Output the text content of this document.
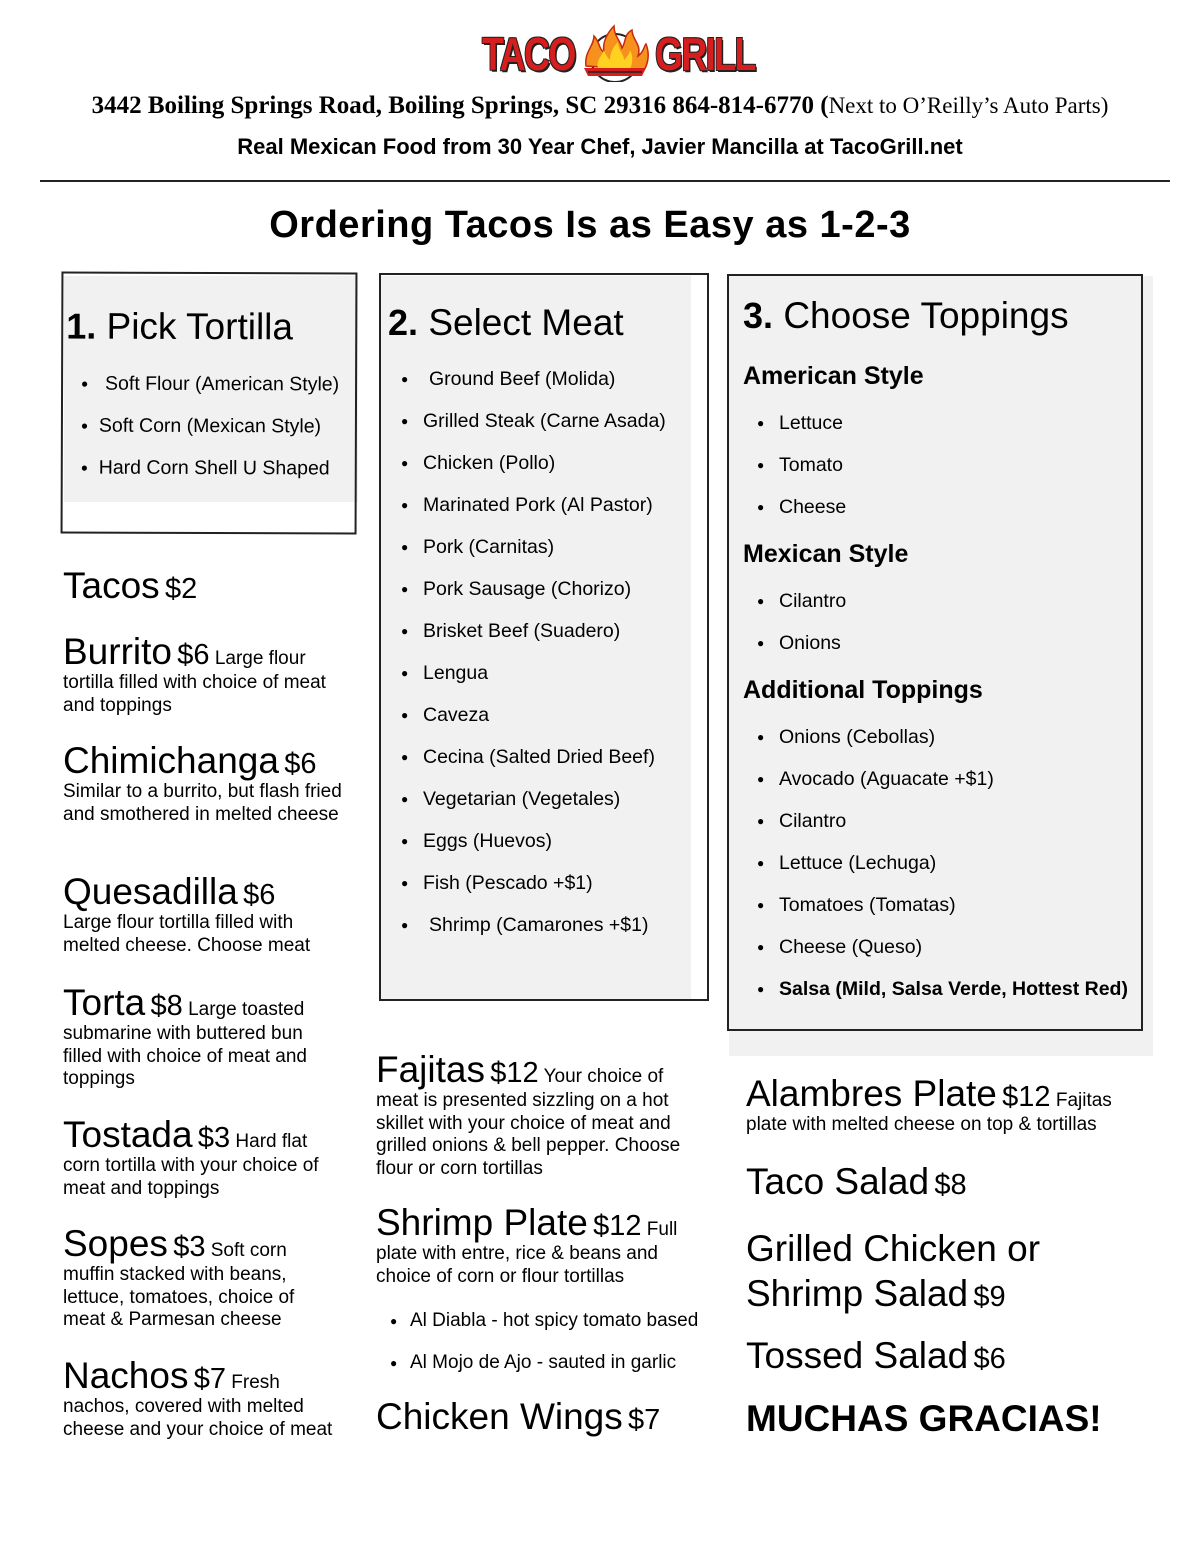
TACO GRILL
3442 Boiling Springs Road, Boiling Springs, SC 29316 864-814-6770 (Next to O’Reilly’s Auto Parts)
Real Mexican Food from 30 Year Chef, Javier Mancilla at TacoGrill.net
Ordering Tacos Is as Easy as 1-2-3
1. Pick Tortilla
● Soft Flour (American Style)
● Soft Corn (Mexican Style)
● Hard Corn Shell U Shaped
2. Select Meat
● Ground Beef (Molida)
● Grilled Steak (Carne Asada)
● Chicken (Pollo)
● Marinated Pork (Al Pastor)
● Pork (Carnitas)
● Pork Sausage (Chorizo)
● Brisket Beef (Suadero)
● Lengua
● Caveza
● Cecina (Salted Dried Beef)
● Vegetarian (Vegetales)
● Eggs (Huevos)
● Fish (Pescado +$1)
● Shrimp (Camarones +$1)
3. Choose Toppings
American Style
● Lettuce
● Tomato
● Cheese
Mexican Style
● Cilantro
● Onions
Additional Toppings
● Onions (Cebollas)
● Avocado (Aguacate +$1)
● Cilantro
● Lettuce (Lechuga)
● Tomatoes (Tomatas)
● Cheese (Queso)
● Salsa (Mild, Salsa Verde, Hottest Red)
Tacos $2
Burrito $6 Large flour
tortilla filled with choice of meat and toppings
Chimichanga $6
Similar to a burrito, but flash fried and smothered in melted cheese
Quesadilla $6
Large flour tortilla filled with melted cheese. Choose meat
Torta $8 Large toasted
submarine with buttered bun filled with choice of meat and toppings
Tostada $3 Hard flat
corn tortilla with your choice of meat and toppings
Sopes $3 Soft corn
muffin stacked with beans, lettuce, tomatoes, choice of meat & Parmesan cheese
Nachos $7 Fresh
nachos, covered with melted cheese and your choice of meat
Fajitas $12 Your choice of
meat is presented sizzling on a hot skillet with your choice of meat and grilled onions & bell pepper. Choose flour or corn tortillas
Shrimp Plate $12 Full
plate with entre, rice & beans and choice of corn or flour tortillas
● Al Diabla - hot spicy tomato based
● Al Mojo de Ajo - sauted in garlic
Chicken Wings $7
Alambres Plate $12 Fajitas
plate with melted cheese on top & tortillas
Taco Salad $8
Grilled Chicken or
Shrimp Salad $9
Tossed Salad $6
MUCHAS GRACIAS!
